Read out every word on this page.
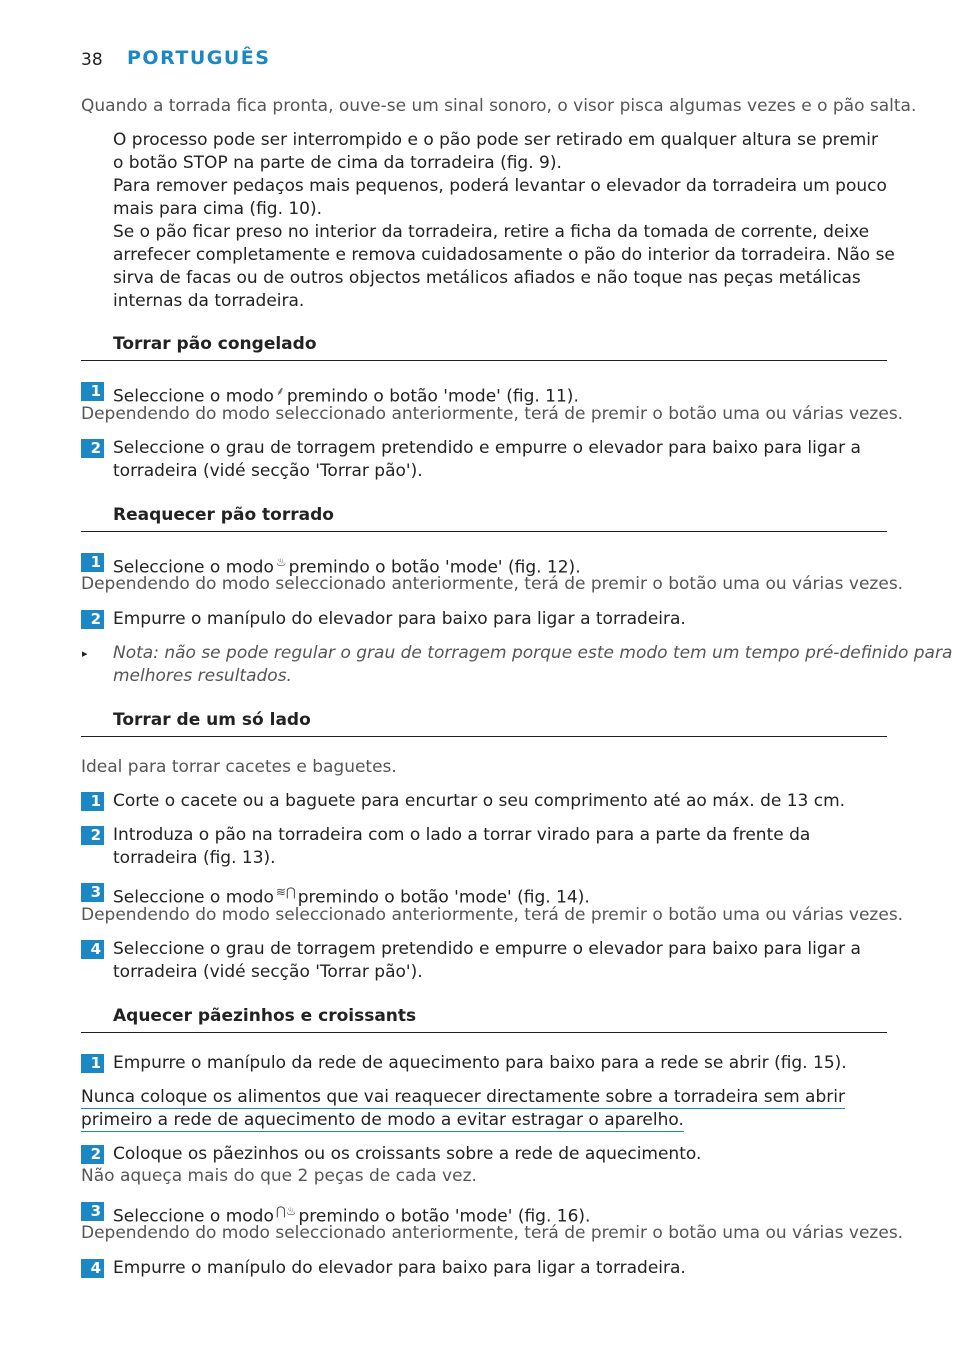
38 PORTUGUÊS
Quando a torrada fica pronta, ouve-se um sinal sonoro, o visor pisca algumas vezes e o pão salta.
O processo pode ser interrompido e o pão pode ser retirado em qualquer altura se premir
o botão STOP na parte de cima da torradeira (fig. 9).
Para remover pedaços mais pequenos, poderá levantar o elevador da torradeira um pouco
mais para cima (fig. 10).
Se o pão ficar preso no interior da torradeira, retire a ficha da tomada de corrente, deixe
arrefecer completamente e remova cuidadosamente o pão do interior da torradeira. Não se
sirva de facas ou de outros objectos metálicos afiados e não toque nas peças metálicas
internas da torradeira.
Torrar pão congelado
1 Seleccione o modo ⸙ premindo o botão 'mode' (fig. 11).
Dependendo do modo seleccionado anteriormente, terá de premir o botão uma ou várias vezes.
2 Seleccione o grau de torragem pretendido e empurre o elevador para baixo para ligar a
torradeira (vidé secção 'Torrar pão').
Reaquecer pão torrado
1 Seleccione o modo ♨ premindo o botão 'mode' (fig. 12).
Dependendo do modo seleccionado anteriormente, terá de premir o botão uma ou várias vezes.
2 Empurre o manípulo do elevador para baixo para ligar a torradeira.
▸ Nota: não se pode regular o grau de torragem porque este modo tem um tempo pré-definido para
melhores resultados.
Torrar de um só lado
Ideal para torrar cacetes e baguetes.
1 Corte o cacete ou a baguete para encurtar o seu comprimento até ao máx. de 13 cm.
2 Introduza o pão na torradeira com o lado a torrar virado para a parte da frente da
torradeira (fig. 13).
3 Seleccione o modo ≋⋂ premindo o botão 'mode' (fig. 14).
Dependendo do modo seleccionado anteriormente, terá de premir o botão uma ou várias vezes.
4 Seleccione o grau de torragem pretendido e empurre o elevador para baixo para ligar a
torradeira (vidé secção 'Torrar pão').
Aquecer pãezinhos e croissants
1 Empurre o manípulo da rede de aquecimento para baixo para a rede se abrir (fig. 15).
Nunca coloque os alimentos que vai reaquecer directamente sobre a torradeira sem abrir
primeiro a rede de aquecimento de modo a evitar estragar o aparelho.
2 Coloque os pãezinhos ou os croissants sobre a rede de aquecimento.
Não aqueça mais do que 2 peças de cada vez.
3 Seleccione o modo ⋂♨ premindo o botão 'mode' (fig. 16).
Dependendo do modo seleccionado anteriormente, terá de premir o botão uma ou várias vezes.
4 Empurre o manípulo do elevador para baixo para ligar a torradeira.
